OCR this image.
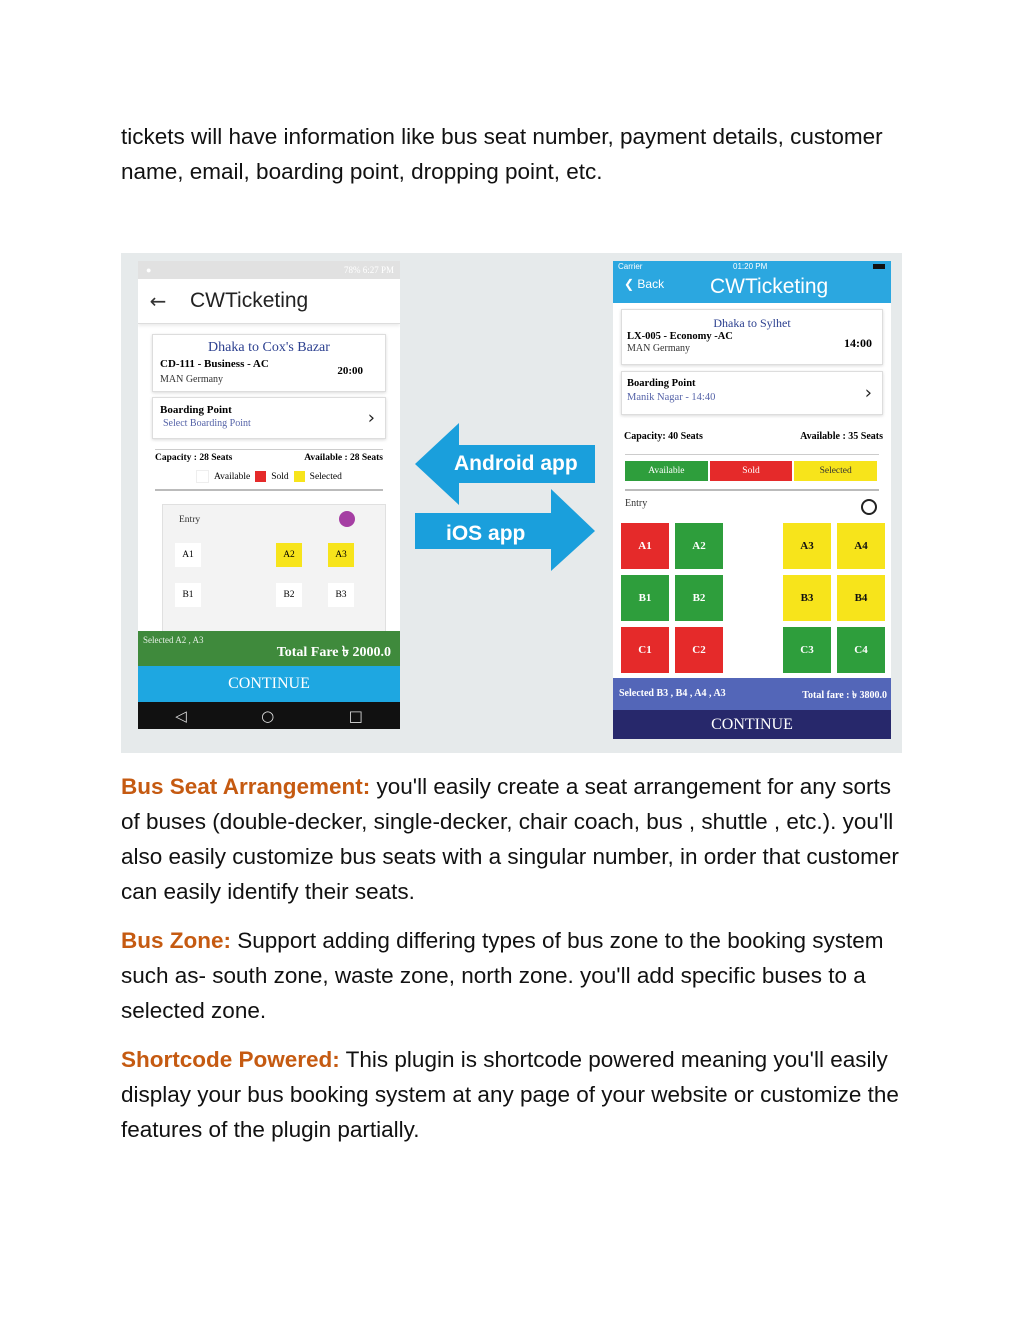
tickets will have information like bus seat number, payment details, customer name, email, boarding point, dropping point, etc.
●	78% 6:27 PM
←	CWTicketing
Dhaka to Cox's Bazar
CD-111 - Business - AC
MAN Germany
20:00
Boarding Point
Select Boarding Point	›
Capacity : 28 Seats	Available : 28 Seats
Available Sold Selected
Entry
A1	A2	A3
B1	B2	B3
Selected A2 , A3
Total Fare ৳ 2000.0
CONTINUE
◁	○	□
Android app
iOS app
Carrier	01:20 PM
❮ Back CWTicketing
Dhaka to Sylhet
LX-005 - Economy -AC
MAN Germany	14:00
Boarding Point
Manik Nagar - 14:40	›
Capacity: 40 Seats	Available : 35 Seats
Available	Sold	Selected
Entry
A1	A2	A3	A4
B1	B2	B3	B4
C1	C2	C3	C4
Selected B3 , B4 , A4 , A3	Total fare : ৳ 3800.0
CONTINUE
Bus Seat Arrangement: you'll easily create a seat arrangement for any sorts of buses (double-decker, single-decker, chair coach, bus , shuttle , etc.). you'll also easily customize bus seats with a singular number, in order that customer can easily identify their seats.
Bus Zone: Support adding differing types of bus zone to the booking system such as- south zone, waste zone, north zone. you'll add specific buses to a selected zone.
Shortcode Powered: This plugin is shortcode powered meaning you'll easily display your bus booking system at any page of your website or customize the features of the plugin partially.
